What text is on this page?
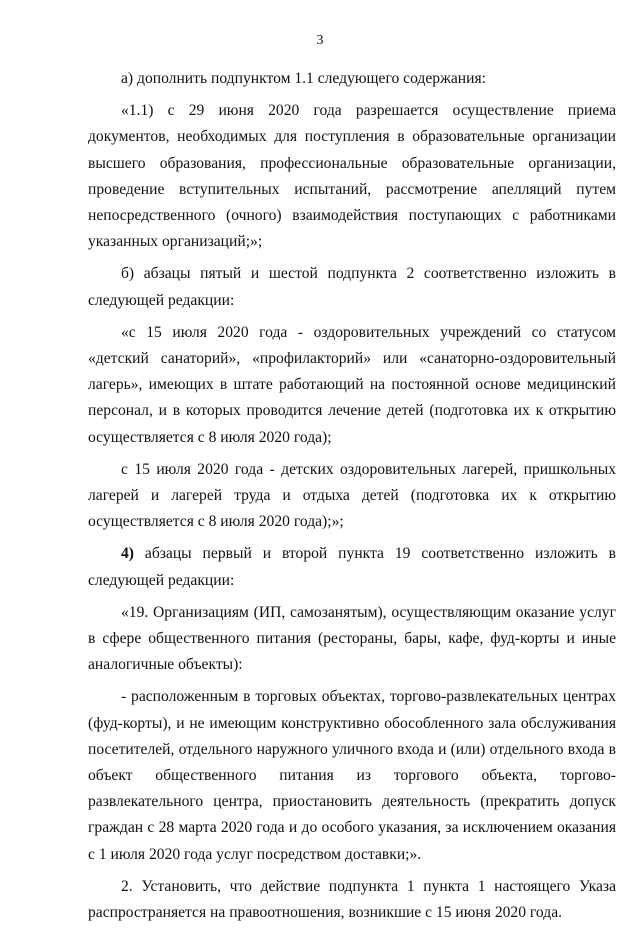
3

а) дополнить подпунктом 1.1 следующего содержания:

«1.1) с 29 июня 2020 года разрешается осуществление приема документов, необходимых для поступления в образовательные организации высшего образования, профессиональные образовательные организации, проведение вступительных испытаний, рассмотрение апелляций путем непосредственного (очного) взаимодействия поступающих с работниками указанных организаций;»;

б) абзацы пятый и шестой подпункта 2 соответственно изложить в следующей редакции:

«с 15 июля 2020 года - оздоровительных учреждений со статусом «детский санаторий», «профилакторий» или «санаторно-оздоровительный лагерь», имеющих в штате работающий на постоянной основе медицинский персонал, и в которых проводится лечение детей (подготовка их к открытию осуществляется с 8 июля 2020 года);

с 15 июля 2020 года - детских оздоровительных лагерей, пришкольных лагерей и лагерей труда и отдыха детей (подготовка их к открытию осуществляется с 8 июля 2020 года);»;

4) абзацы первый и второй пункта 19 соответственно изложить в следующей редакции:

«19. Организациям (ИП, самозанятым), осуществляющим оказание услуг в сфере общественного питания (рестораны, бары, кафе, фуд-корты и иные аналогичные объекты):

- расположенным в торговых объектах, торгово-развлекательных центрах (фуд-корты), и не имеющим конструктивно обособленного зала обслуживания посетителей, отдельного наружного уличного входа и (или) отдельного входа в объект общественного питания из торгового объекта, торгово-развлекательного центра, приостановить деятельность (прекратить допуск граждан с 28 марта 2020 года и до особого указания, за исключением оказания с 1 июля 2020 года услуг посредством доставки;».

2. Установить, что действие подпункта 1 пункта 1 настоящего Указа распространяется на правоотношения, возникшие с 15 июня 2020 года.
